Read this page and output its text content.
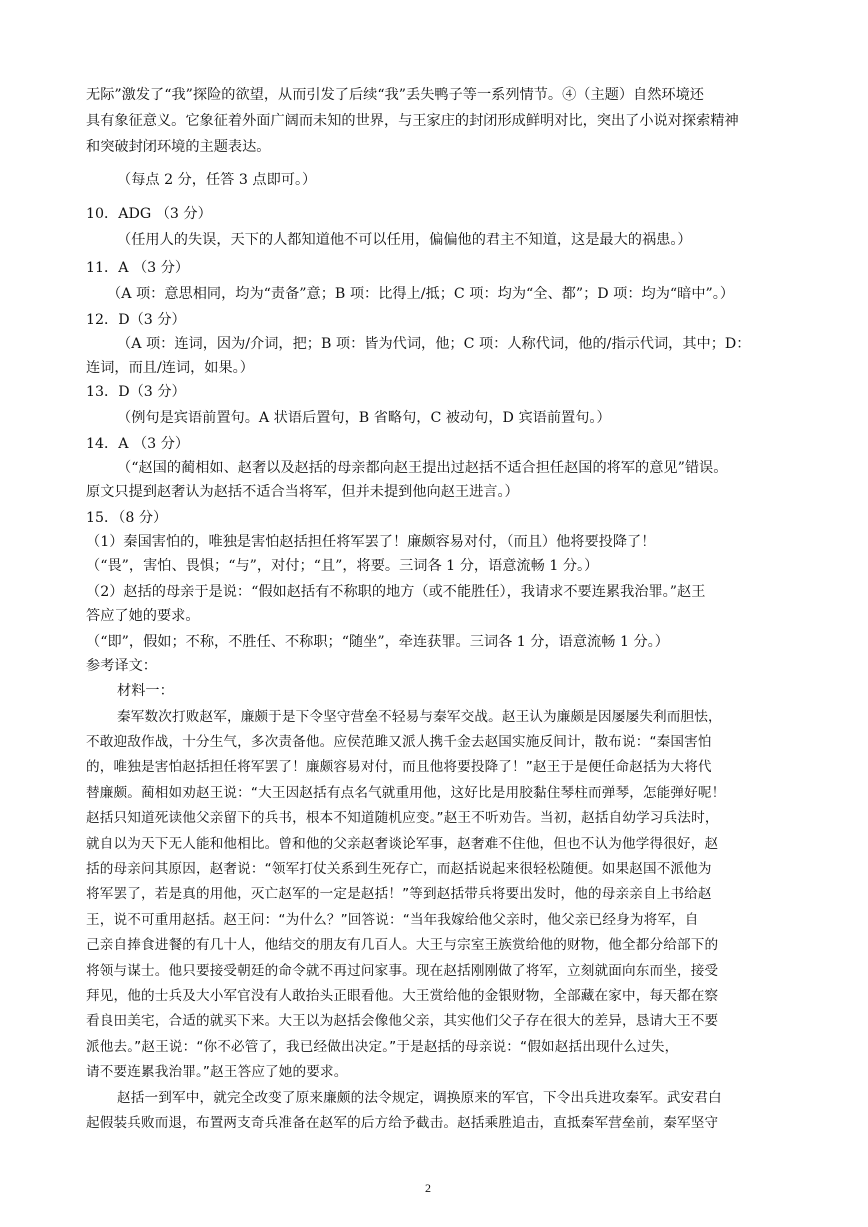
无际”激发了“我”探险的欲望，从而引发了后续“我”丢失鸭子等一系列情节。④（主题）自然环境还
具有象征意义。它象征着外面广阔而未知的世界，与王家庄的封闭形成鲜明对比，突出了小说对探索精神
和突破封闭环境的主题表达。
（每点 2 分，任答 3 点即可。）
10．ADG （3 分）
（任用人的失误，天下的人都知道他不可以任用，偏偏他的君主不知道，这是最大的祸患。）
11．A （3 分）
（A 项：意思相同，均为“责备”意；B 项：比得上/抵；C 项：均为“全、都”；D 项：均为“暗中”。）
12．D（3 分）
（A 项：连词，因为/介词，把；B 项：皆为代词，他；C 项：人称代词，他的/指示代词，其中；D：
连词，而且/连词，如果。）
13．D（3 分）
（例句是宾语前置句。A 状语后置句，B 省略句，C 被动句，D 宾语前置句。）
14．A （3 分）
（“赵国的蔺相如、赵奢以及赵括的母亲都向赵王提出过赵括不适合担任赵国的将军的意见”错误。
原文只提到赵奢认为赵括不适合当将军，但并未提到他向赵王进言。）
15．（8 分）
（1）秦国害怕的，唯独是害怕赵括担任将军罢了！廉颇容易对付，（而且）他将要投降了！
（“畏”，害怕、畏惧；“与”，对付；“且”，将要。三词各 1 分，语意流畅 1 分。）
（2）赵括的母亲于是说：“假如赵括有不称职的地方（或不能胜任），我请求不要连累我治罪。”赵王
答应了她的要求。
（“即”，假如；不称，不胜任、不称职；“随坐”，牵连获罪。三词各 1 分，语意流畅 1 分。）
参考译文：
材料一：
秦军数次打败赵军，廉颇于是下令坚守营垒不轻易与秦军交战。赵王认为廉颇是因屡屡失利而胆怯，
不敢迎敌作战，十分生气，多次责备他。应侯范雎又派人携千金去赵国实施反间计，散布说：“秦国害怕
的，唯独是害怕赵括担任将军罢了！廉颇容易对付，而且他将要投降了！”赵王于是便任命赵括为大将代
替廉颇。蔺相如劝赵王说：“大王因赵括有点名气就重用他，这好比是用胶黏住琴柱而弹琴，怎能弹好呢！
赵括只知道死读他父亲留下的兵书，根本不知道随机应变。”赵王不听劝告。当初，赵括自幼学习兵法时，
就自以为天下无人能和他相比。曾和他的父亲赵奢谈论军事，赵奢难不住他，但也不认为他学得很好，赵
括的母亲问其原因，赵奢说：“领军打仗关系到生死存亡，而赵括说起来很轻松随便。如果赵国不派他为
将军罢了，若是真的用他，灭亡赵军的一定是赵括！”等到赵括带兵将要出发时，他的母亲亲自上书给赵
王，说不可重用赵括。赵王问：“为什么？”回答说：“当年我嫁给他父亲时，他父亲已经身为将军，自
己亲自捧食进餐的有几十人，他结交的朋友有几百人。大王与宗室王族赏给他的财物，他全都分给部下的
将领与谋士。他只要接受朝廷的命令就不再过问家事。现在赵括刚刚做了将军，立刻就面向东而坐，接受
拜见，他的士兵及大小军官没有人敢抬头正眼看他。大王赏给他的金银财物，全部藏在家中，每天都在察
看良田美宅，合适的就买下来。大王以为赵括会像他父亲，其实他们父子存在很大的差异，恳请大王不要
派他去。”赵王说：“你不必管了，我已经做出决定。”于是赵括的母亲说：“假如赵括出现什么过失，
请不要连累我治罪。”赵王答应了她的要求。
赵括一到军中，就完全改变了原来廉颇的法令规定，调换原来的军官，下令出兵进攻秦军。武安君白
起假装兵败而退，布置两支奇兵准备在赵军的后方给予截击。赵括乘胜追击，直抵秦军营垒前，秦军坚守
2
